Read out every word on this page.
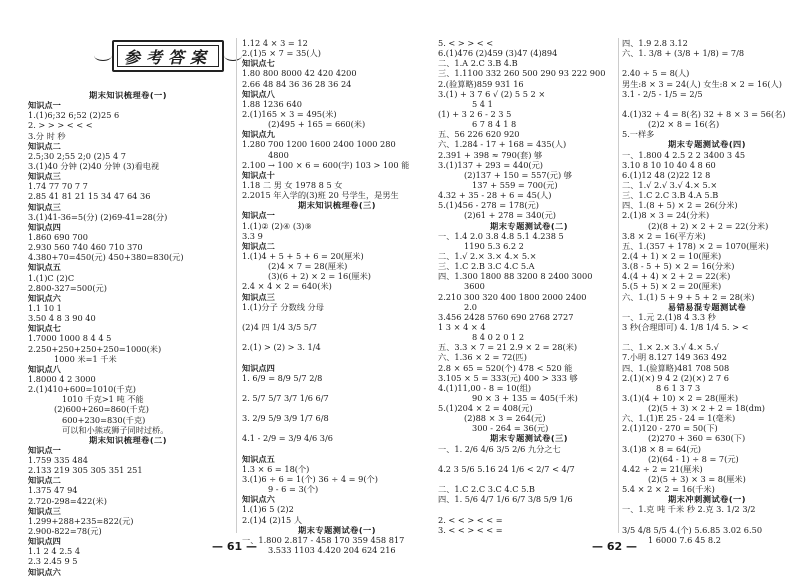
参考答案
期末知识梳理卷(一)
知识点一
1.(1)6;32 6;52 (2)25 6
2. > > > < < <
3.分 时 秒
知识点二
2.5;30 2;55 2;0 (2)5 4 7
3.(1)40 分钟 (2)40 分钟 (3)看电视
知识点三
1.74 77 70 7 7
2.85 41 81 21 15 34 47 64 36
知识点三
3.(1)41-36=5(分) (2)69-41=28(分)
知识点四
1.860 690 700
2.930 560 740 460 710 370
4.380+70=450(元) 450+380=830(元)
知识点五
1.(1)C (2)C
2.800-327=500(元)
知识点六
1.1 10 1
3.50 4 8 3 90 40
知识点七
1.7000 1000 8 4 4 5
2.250+250+250+250=1000(米)
1000 米=1 千米
知识点八
1.8000 4 2 3000
2.(1)410+600=1010(千克)
1010 千克>1 吨 不能
(2)600+260=860(千克)
600+230=830(千克)
可以和小熊或狮子同时过桥。
期末知识梳理卷(二)
知识点一
1.759 335 484
2.133 219 305 305 351 251
知识点二
1.375 47 94
2.720-298=422(米)
知识点三
1.299+288+235=822(元)
2.900-822=78(元)
知识点四
1.1 2 4 2.5 4
2.3 2.45 9 5
知识点六
1.12 4 × 3 = 12
2.(1)5 × 7 = 35(人)
知识点七
1.80 800 8000 42 420 4200
2.66 48 84 36 36 28 36 24
知识点八
1.88 1236 640
2.(1)165 × 3 = 495(米)
(2)495 + 165 = 660(米)
知识点九
1.280 700 1200 1600 2400 1000 280
4800
2.100 → 100 × 6 = 600(字) 103 > 100 能
知识点十
1.18 二 男 女 1978 8 5 女
2.2015 年入学的(3)班 20 号学生，是男生
期末知识梳理卷(三)
知识点一
1.(1)② (2)④ (3)⑨
3.3 9
知识点二
1.(1)4 + 5 + 5 + 6 = 20(厘米)
(2)4 × 7 = 28(厘米)
(3)(6 + 2) × 2 = 16(厘米)
2.4 × 4 × 2 = 640(米)
知识点三
1.(1)分子 分数线 分母
(2)4 四 1/4 3/5 5/7
2.(1) > (2) > 3. 1/4
知识点四
1. 6/9 = 8/9 5/7 2/8
2. 5/7 5/7 3/7 1/6 6/7
3. 2/9 5/9 3/9 1/7 6/8
4.1 - 2/9 = 3/9 4/6 3/6
知识点五
1.3 × 6 = 18(个)
3.(1)6 ÷ 6 = 1(个) 36 ÷ 4 = 9(个)
9 - 6 = 3(个)
知识点六
1.(1)6 5 (2)2
2.(1)4 (2)15 人
期末专题测试卷(一)
一、1.800 2.817 - 458 170 359 458 817
3.533 1103 4.420 204 624 216
5. < > > < <
6.(1)476 (2)459 (3)47 (4)894
二、1.A 2.C 3.B 4.B
三、1.1100 332 260 500 290 93 222 900
2.(验算略)859 931 16
3.(1) + 3 7 6 √ (2) 5 5 2 ×
5 4 1
(1) + 3 2 6 - 2 3 5
6 7 8 4 1 8
五、56 226 620 920
六、1.284 - 17 + 168 = 435(人)
2.391 + 398 ≈ 790(套) 够
3.(1)137 + 293 = 440(元)
(2)137 + 150 = 557(元) 够
137 + 559 = 700(元)
4.32 + 35 - 28 + 6 = 45(人)
5.(1)456 - 278 = 178(元)
(2)61 + 278 = 340(元)
期末专题测试卷(二)
一、1.4 2.0 3.8 4.8 5.1 4.238 5
1190 5.3 6.2 2
二、1.√ 2.× 3.× 4.× 5.×
三、1.C 2.B 3.C 4.C 5.A
四、1.300 1800 88 3200 8 2400 3000
3600
2.210 300 320 400 1800 2000 2400
2.0
3.456 2428 5760 690 2768 2727
1 3 × 4 × 4
8 4 0 2 0 1 2
五、3.3 × 7 = 21 2.9 × 2 = 28(米)
六、1.36 × 2 = 72(匹)
2.8 × 65 = 520(个) 478 < 520 能
3.105 × 5 = 333(元) 400 > 333 够
4.(1)11,00 - 8 = 10(组)
90 × 3 + 135 = 405(千米)
5.(1)204 × 2 = 408(元)
(2)88 × 3 = 264(元)
300 - 264 = 36(元)
期末专题测试卷(三)
一、1. 2/6 4/6 3/5 2/6 九分之七
4.2 3 5/6 5.16 24 1/6 < 2/7 < 4/7
二、1.C 2.C 3.C 4.C 5.B
四、1. 5/6 4/7 1/6 6/7 3/8 5/9 1/6
2. < < > < < =
3. < < > < < =
四、1.9 2.8 3.12
六、1. 3/8 + (3/8 + 1/8) = 7/8
2.40 ÷ 5 = 8(人)
男生:8 × 3 = 24(人) 女生:8 × 2 = 16(人)
3.1 - 2/5 - 1/5 = 2/5
4.(1)32 ÷ 4 = 8(名) 32 + 8 × 3 = 56(名)
(2)2 × 8 = 16(名)
5.一样多
期末专题测试卷(四)
一、1.800 4 2.5 2 2 3400 3 45
3.10 8 10 10 40 4 8 60
6.(1)12 48 (2)22 12 8
二、1.√ 2.√ 3.√ 4.× 5.×
三、1.C 2.C 3.B 4.A 5.B
四、1.(8 + 5) × 2 = 26(分米)
2.(1)8 × 3 = 24(分米)
(2)(8 + 2) × 2 + 2 = 22(分米)
3.8 × 2 = 16(平方米)
五、1.(357 + 178) × 2 = 1070(厘米)
2.(4 + 1) × 2 = 10(厘米)
3.(8 - 5 + 5) × 2 = 16(分米)
4.(4 + 4) × 2 + 2 = 22(米)
5.(5 + 5) × 2 = 20(厘米)
六、1.(1) 5 + 9 + 5 + 2 = 28(米)
易错易混专题测试卷
一、1.元 2.(1)8 4 3.3 秒
3 秒(合理即可) 4. 1/8 1/4 5. > <
二、1.× 2.× 3.√ 4.× 5.√
7.小明 8.127 149 363 492
四、1.(验算略)481 708 508
2.(1)(×) 9 4 2 (2)(×) 2 7 6
8 6 1 3 7 3
3.(1)(4 + 10) × 2 = 28(厘米)
(2)(5 + 3) × 2 + 2 = 18(dm)
六、1.(1)E 25 - 24 = 1(毫米)
2.(1)120 - 270 = 50(下)
(2)270 + 360 = 630(下)
3.(1)8 × 8 = 64(元)
(2)(64 - 1) ÷ 8 = 7(元)
4.42 ÷ 2 = 21(厘米)
(2)(5 + 3) × 3 = 8(厘米)
5.4 × 2 × 2 = 16(千米)
期末冲刺测试卷(一)
一、1.克 吨 千米 秒 2.克 3. 1/2 3/2
3/5 4/8 5/5 4.(个) 5.6.85 3.02 6.50
1 6000 7.6 45 8.2
— 61 —	— 62 —
